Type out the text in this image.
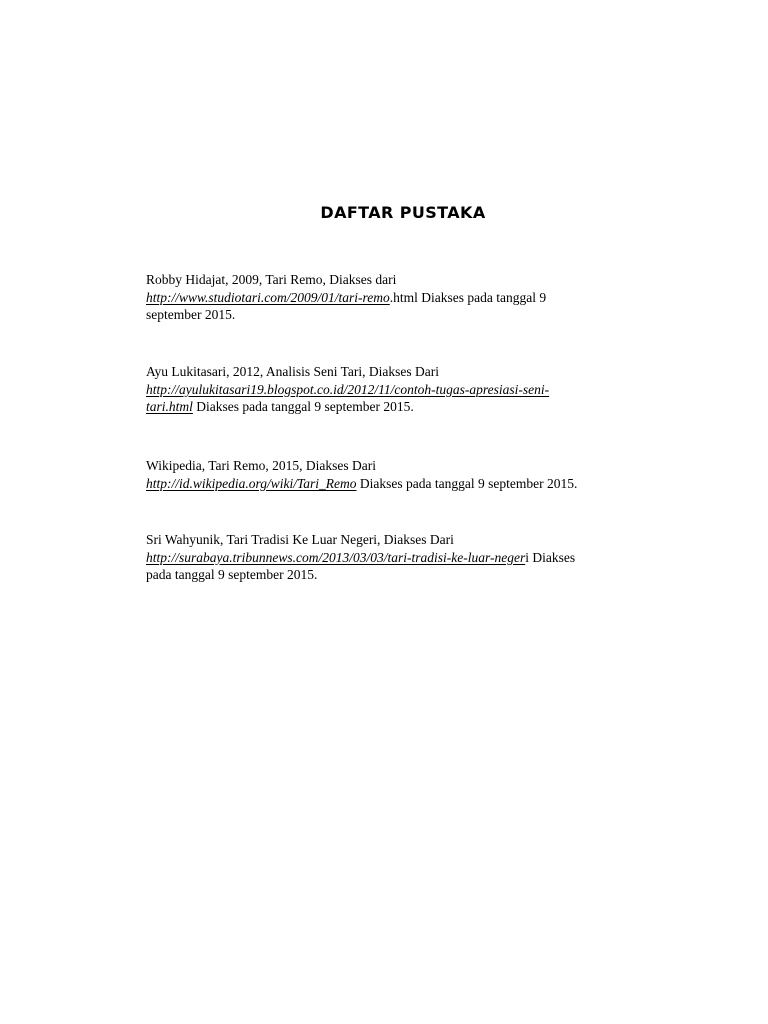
DAFTAR PUSTAKA

Robby Hidajat, 2009, Tari Remo, Diakses dari
http://www.studiotari.com/2009/01/tari-remo.html Diakses pada tanggal 9
september 2015.

Ayu Lukitasari, 2012, Analisis Seni Tari, Diakses Dari
http://ayulukitasari19.blogspot.co.id/2012/11/contoh-tugas-apresiasi-seni-
tari.html Diakses pada tanggal 9 september 2015.

Wikipedia, Tari Remo, 2015, Diakses Dari
http://id.wikipedia.org/wiki/Tari_Remo Diakses pada tanggal 9 september 2015.

Sri Wahyunik, Tari Tradisi Ke Luar Negeri, Diakses Dari
http://surabaya.tribunnews.com/2013/03/03/tari-tradisi-ke-luar-negeri Diakses
pada tanggal 9 september 2015.
